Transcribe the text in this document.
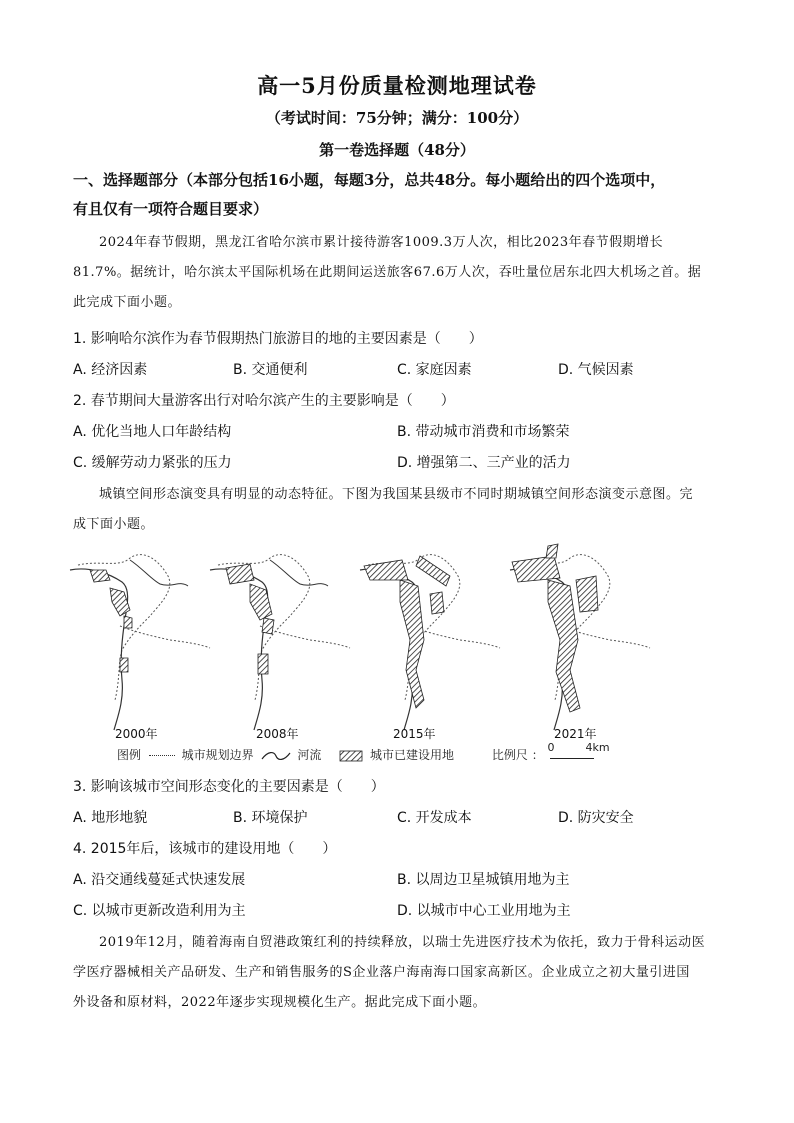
高一5月份质量检测地理试卷
（考试时间：75分钟；满分：100分）
第一卷选择题（48分）
一、选择题部分（本部分包括16小题，每题3分，总共48分。每小题给出的四个选项中，
有且仅有一项符合题目要求）
2024年春节假期，黑龙江省哈尔滨市累计接待游客1009.3万人次，相比2023年春节假期增长
81.7%。据统计，哈尔滨太平国际机场在此期间运送旅客67.6万人次，吞吐量位居东北四大机场之首。据
此完成下面小题。
1. 影响哈尔滨作为春节假期热门旅游目的地的主要因素是（　　）
A. 经济因素	B. 交通便利	C. 家庭因素	D. 气候因素
2. 春节期间大量游客出行对哈尔滨产生的主要影响是（　　）
A. 优化当地人口年龄结构	B. 带动城市消费和市场繁荣
C. 缓解劳动力紧张的压力	D. 增强第二、三产业的活力
城镇空间形态演变具有明显的动态特征。下图为我国某县级市不同时期城镇空间形态演变示意图。完
成下面小题。
2000年	2008年	2015年	2021年
图例	城市规划边界	河流	城市已建设用地	比例尺 ：
0	4km
3. 影响该城市空间形态变化的主要因素是（　　）
A. 地形地貌	B. 环境保护	C. 开发成本	D. 防灾安全
4. 2015年后，该城市的建设用地（　　）
A. 沿交通线蔓延式快速发展	B. 以周边卫星城镇用地为主
C. 以城市更新改造利用为主	D. 以城市中心工业用地为主
2019年12月，随着海南自贸港政策红利的持续释放，以瑞士先进医疗技术为依托，致力于骨科运动医
学医疗器械相关产品研发、生产和销售服务的S企业落户海南海口国家高新区。企业成立之初大量引进国
外设备和原材料，2022年逐步实现规模化生产。据此完成下面小题。
